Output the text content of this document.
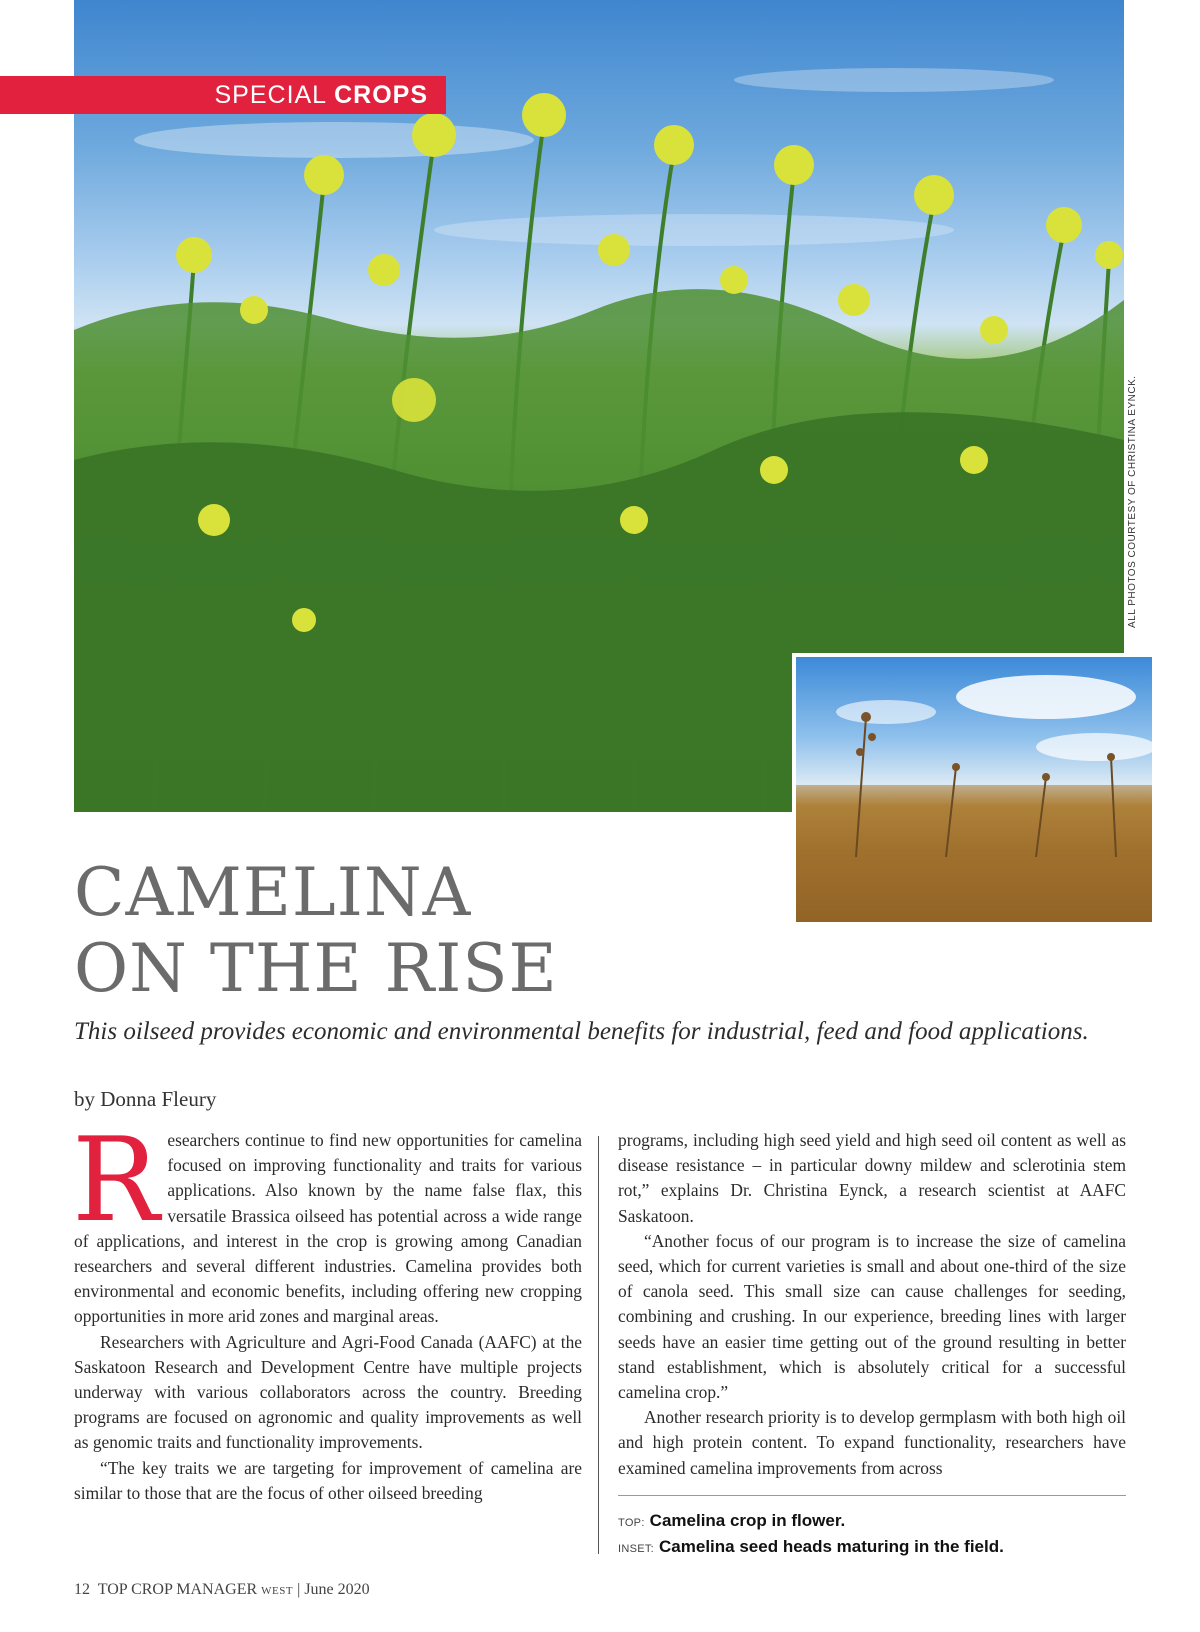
SPECIAL CROPS
ALL PHOTOS COURTESY OF CHRISTINA EYNCK.
CAMELINA
ON THE RISE

This oilseed provides economic and environmental benefits for industrial, feed and food applications.

by Donna Fleury

Researchers continue to find new opportunities for camelina focused on improving functionality and traits for various applications. Also known by the name false flax, this versatile Brassica oilseed has potential across a wide range of applications, and interest in the crop is growing among Canadian researchers and several different industries. Camelina provides both environmental and economic benefits, including offering new cropping opportunities in more arid zones and marginal areas.

Researchers with Agriculture and Agri-Food Canada (AAFC) at the Saskatoon Research and Development Centre have multiple projects underway with various collaborators across the country. Breeding programs are focused on agronomic and quality improvements as well as genomic traits and functionality improvements.

“The key traits we are targeting for improvement of camelina are similar to those that are the focus of other oilseed breeding

programs, including high seed yield and high seed oil content as well as disease resistance – in particular downy mildew and sclerotinia stem rot,” explains Dr. Christina Eynck, a research scientist at AAFC Saskatoon.

“Another focus of our program is to increase the size of camelina seed, which for current varieties is small and about one-third of the size of canola seed. This small size can cause challenges for seeding, combining and crushing. In our experience, breeding lines with larger seeds have an easier time getting out of the ground resulting in better stand establishment, which is absolutely critical for a successful camelina crop.”

Another research priority is to develop germplasm with both high oil and high protein content. To expand functionality, researchers have examined camelina improvements from across

TOP: Camelina crop in flower.
INSET: Camelina seed heads maturing in the field.
12 TOP CROP MANAGER WEST | June 2020
